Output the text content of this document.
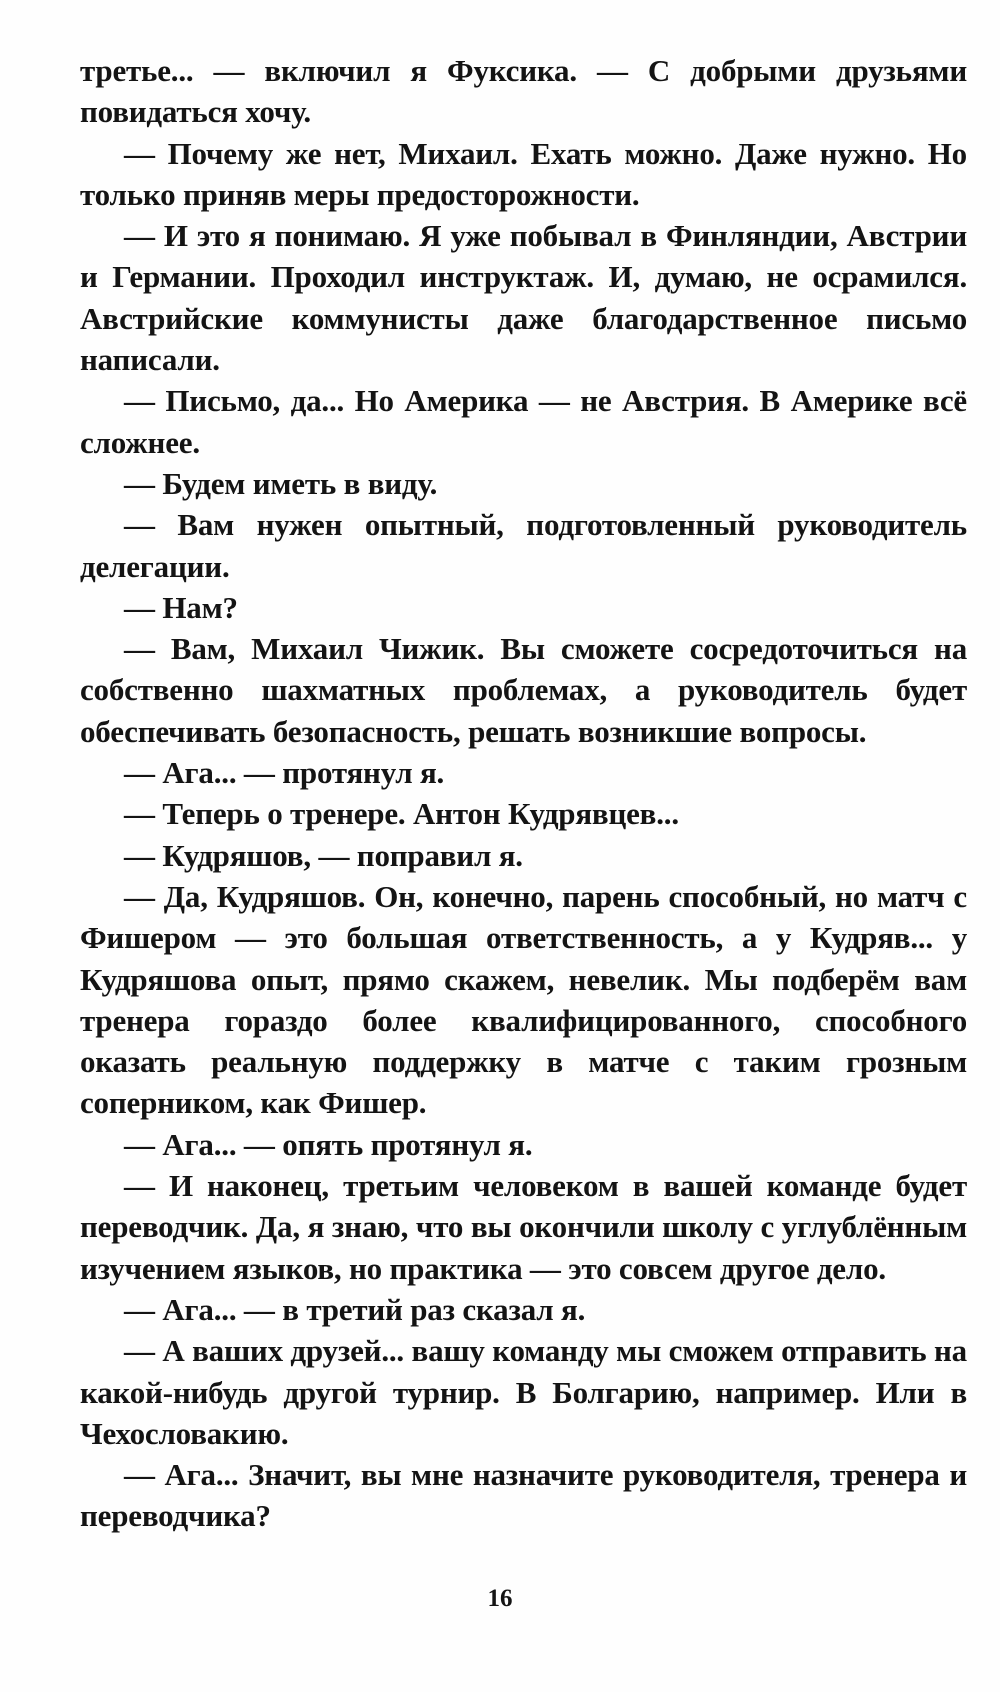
третье... — включил я Фуксика. — С добрыми друзьями повидаться хочу.

— Почему же нет, Михаил. Ехать можно. Даже нужно. Но только приняв меры предосторожности.

— И это я понимаю. Я уже побывал в Финляндии, Австрии и Германии. Проходил инструктаж. И, думаю, не осрамился. Австрийские коммунисты даже благодарственное письмо написали.

— Письмо, да... Но Америка — не Австрия. В Америке всё сложнее.

— Будем иметь в виду.

— Вам нужен опытный, подготовленный руководитель делегации.

— Нам?

— Вам, Михаил Чижик. Вы сможете сосредоточиться на собственно шахматных проблемах, а руководитель будет обеспечивать безопасность, решать возникшие вопросы.

— Ага... — протянул я.

— Теперь о тренере. Антон Кудрявцев...

— Кудряшов, — поправил я.

— Да, Кудряшов. Он, конечно, парень способный, но матч с Фишером — это большая ответственность, а у Кудряв... у Кудряшова опыт, прямо скажем, невелик. Мы подберём вам тренера гораздо более квалифицированного, способного оказать реальную поддержку в матче с таким грозным соперником, как Фишер.

— Ага... — опять протянул я.

— И наконец, третьим человеком в вашей команде будет переводчик. Да, я знаю, что вы окончили школу с углублённым изучением языков, но практика — это совсем другое дело.

— Ага... — в третий раз сказал я.

— А ваших друзей... вашу команду мы сможем отправить на какой-нибудь другой турнир. В Болгарию, например. Или в Чехословакию.

— Ага... Значит, вы мне назначите руководителя, тренера и переводчика?

16
